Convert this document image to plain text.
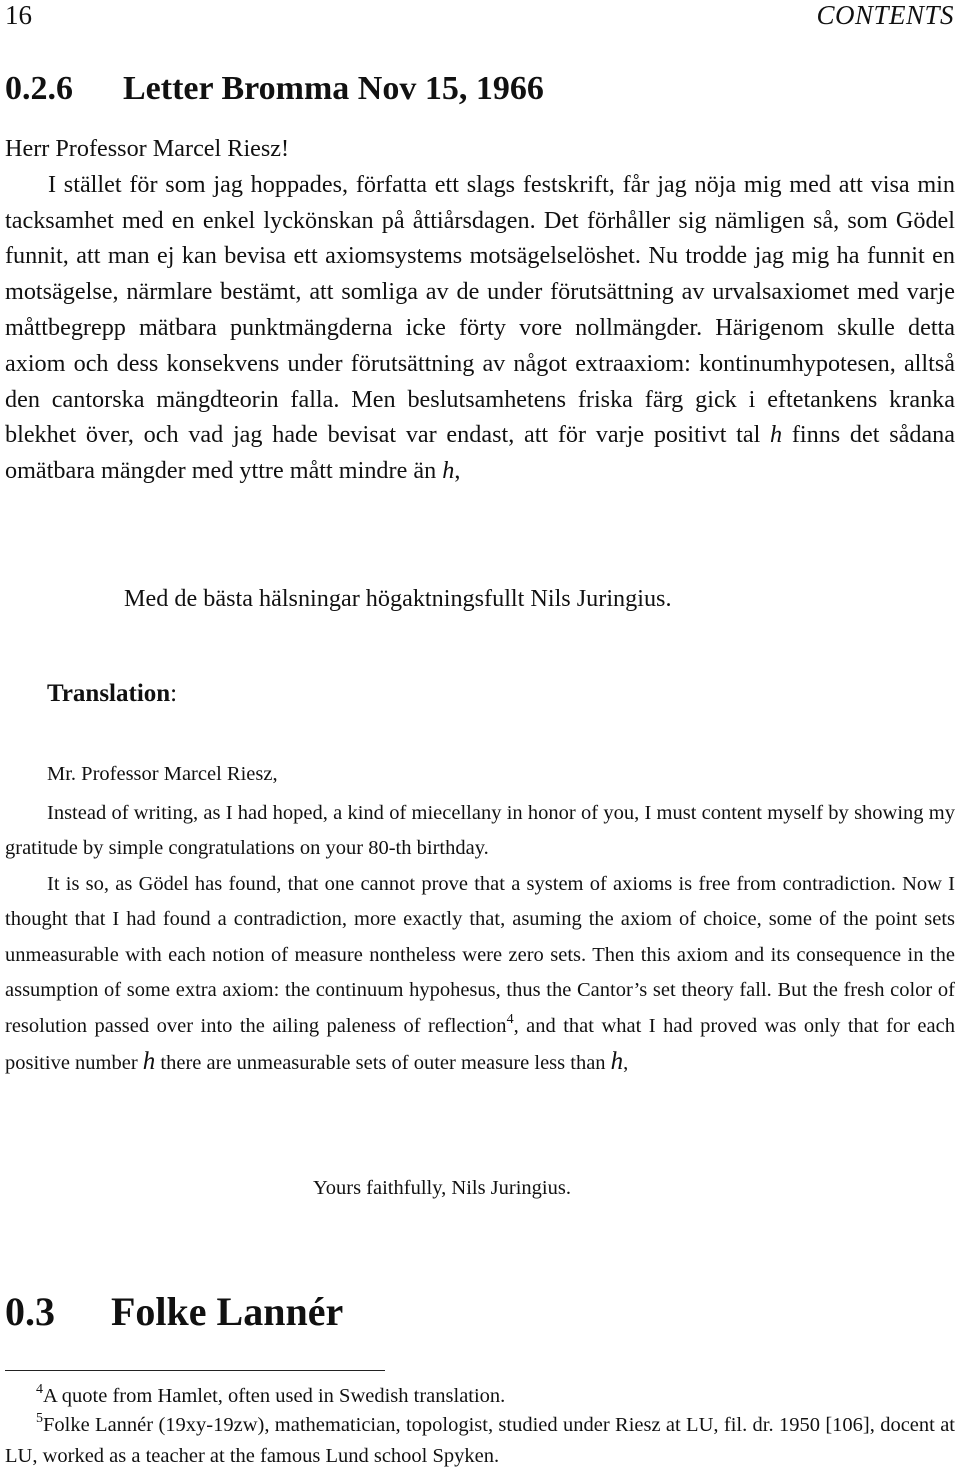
16	CONTENTS
0.2.6 Letter Bromma Nov 15, 1966

Herr Professor Marcel Riesz!
I stället för som jag hoppades, författa ett slags festskrift, får jag nöja mig med att visa min tacksamhet med en enkel lyckönskan på åttiårsdagen. Det förhåller sig nämligen så, som Gödel funnit, att man ej kan bevisa ett axiomsystems motsägelselöshet. Nu trodde jag mig ha funnit en motsägelse, närmlare bestämt, att somliga av de under förutsättning av urvalsaxiomet med varje måttbegrepp mätbara punktmängderna icke förty vore nollmängder. Härigenom skulle detta axiom och dess konsekvens under förutsättning av något extraaxiom: kontinumhypotesen, alltså den cantorska mängdteorin falla. Men beslutsamhetens friska färg gick i eftetankens kranka blekhet över, och vad jag hade bevisat var endast, att för varje positivt tal h finns det sådana omätbara mängder med yttre mått mindre än h,

Med de bästa hälsningar högaktningsfullt Nils Juringius.
Translation:
Mr. Professor Marcel Riesz,

Instead of writing, as I had hoped, a kind of miecellany in honor of you, I must content myself by showing my gratitude by simple congratulations on your 80-th birthday.

It is so, as Gödel has found, that one cannot prove that a system of axioms is free from contradiction. Now I thought that I had found a contradiction, more exactly that, asuming the axiom of choice, some of the point sets unmeasurable with each notion of measure nontheless were zero sets. Then this axiom and its consequence in the assumption of some extra axiom: the continuum hypohesus, thus the Cantor’s set theory fall. But the fresh color of resolution passed over into the ailing paleness of reflection$^4$, and that what I had proved was only that for each positive number h there are unmeasurable sets of outer measure less than h,

Yours faithfully, Nils Juringius.
0.3 Folke Lannér

$^4$A quote from Hamlet, often used in Swedish translation.

$^5$Folke Lannér (19xy-19zw), mathematician, topologist, studied under Riesz at LU, fil. dr. 1950 [106], docent at LU, worked as a teacher at the famous Lund school Spyken.
